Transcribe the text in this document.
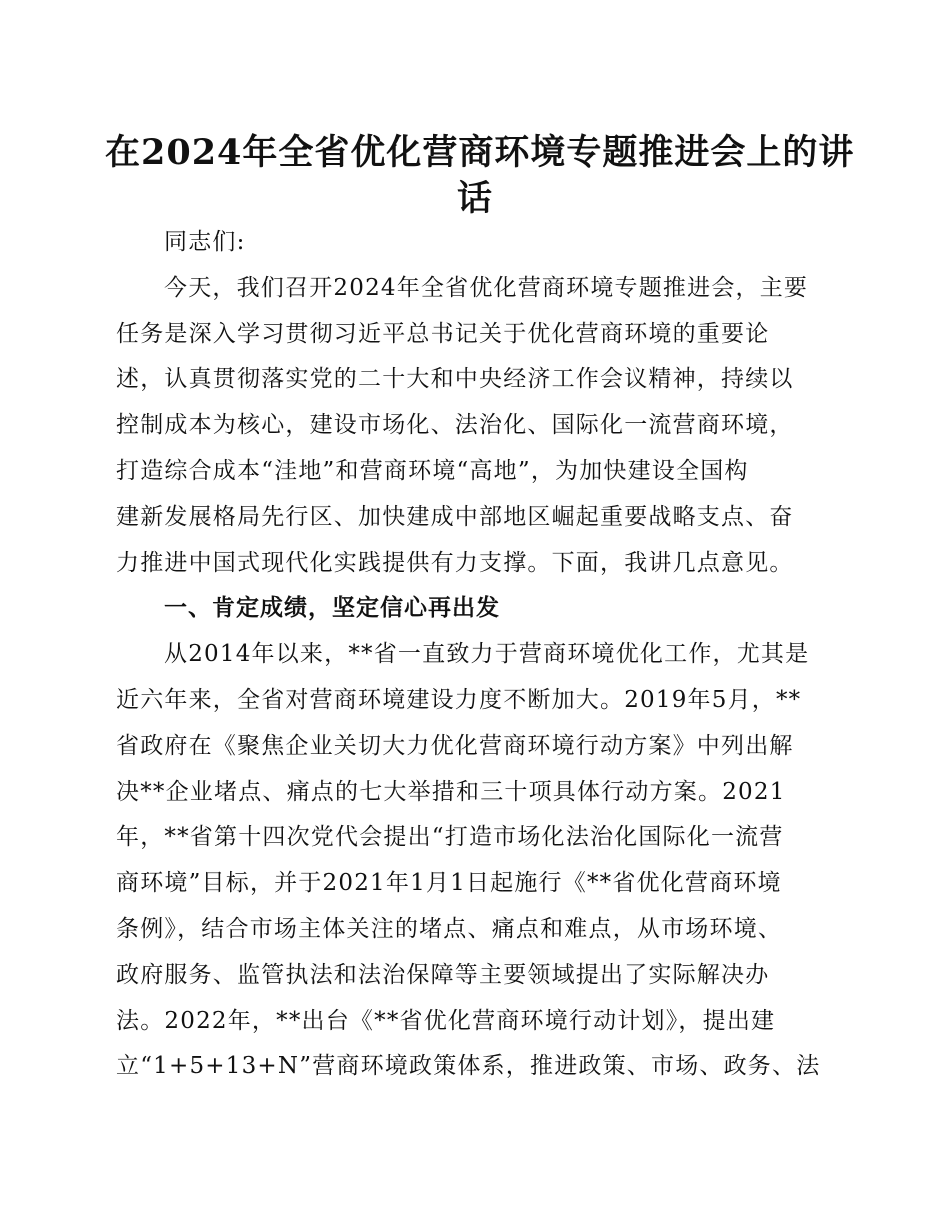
在2024年全省优化营商环境专题推进会上的讲
话
同志们:
今天，我们召开2024年全省优化营商环境专题推进会，主要
任务是深入学习贯彻习近平总书记关于优化营商环境的重要论
述，认真贯彻落实党的二十大和中央经济工作会议精神，持续以
控制成本为核心，建设市场化、法治化、国际化一流营商环境，
打造综合成本“洼地”和营商环境“高地”，为加快建设全国构
建新发展格局先行区、加快建成中部地区崛起重要战略支点、奋
力推进中国式现代化实践提供有力支撑。下面，我讲几点意见。
一、肯定成绩，坚定信心再出发
从2014年以来，**省一直致力于营商环境优化工作，尤其是
近六年来，全省对营商环境建设力度不断加大。2019年5月，**
省政府在《聚焦企业关切大力优化营商环境行动方案》中列出解
决**企业堵点、痛点的七大举措和三十项具体行动方案。2021
年，**省第十四次党代会提出“打造市场化法治化国际化一流营
商环境”目标，并于2021年1月1日起施行《**省优化营商环境
条例》，结合市场主体关注的堵点、痛点和难点，从市场环境、
政府服务、监管执法和法治保障等主要领域提出了实际解决办
法。2022年，**出台《**省优化营商环境行动计划》，提出建
立“1+5+13+N”营商环境政策体系，推进政策、市场、政务、法
